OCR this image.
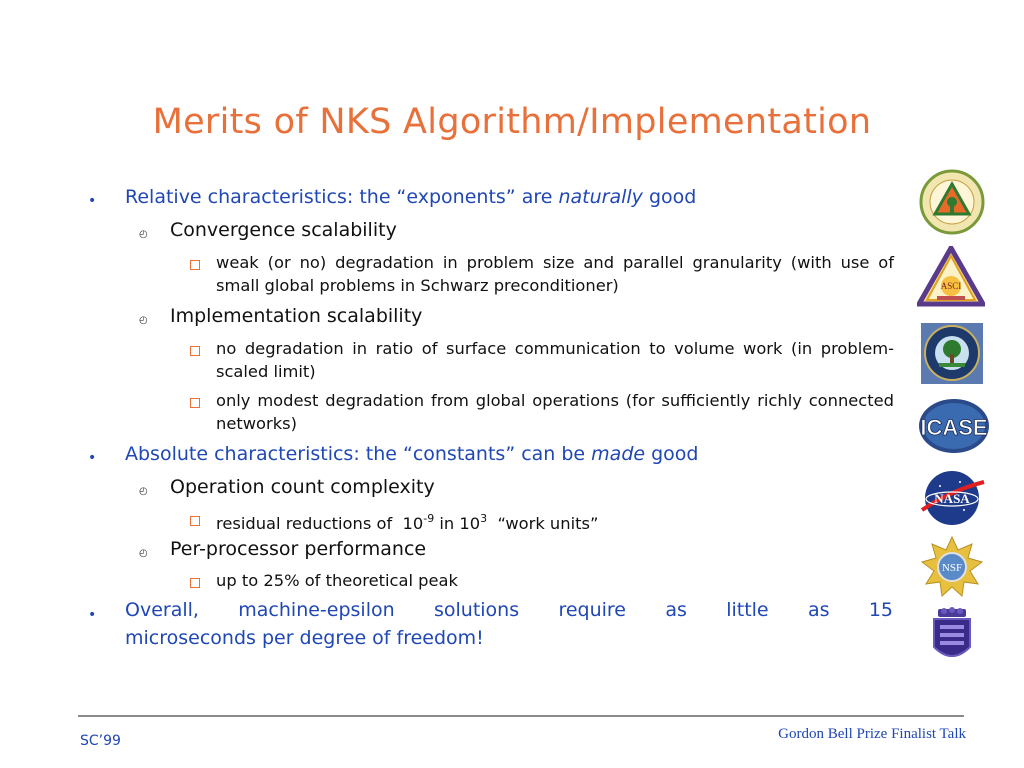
Merits of NKS Algorithm/Implementation
• Relative characteristics: the “exponents” are naturally good
◴ Convergence scalability
weak (or no) degradation in problem size and parallel granularity (with use of small global problems in Schwarz preconditioner)
◴ Implementation scalability
no degradation in ratio of surface communication to volume work (in problem-scaled limit)
only modest degradation from global operations (for sufficiently richly connected networks)
• Absolute characteristics: the “constants” can be made good
◴ Operation count complexity
residual reductions of  $10^{-9}$ in $10^3$  “work units”
◴ Per-processor performance
up to 25% of theoretical peak
• Overall, machine-epsilon solutions require as little as 15
microseconds per degree of freedom!
ASCI
ICASE
NASA
NSF
SC’99	Gordon Bell Prize Finalist Talk
